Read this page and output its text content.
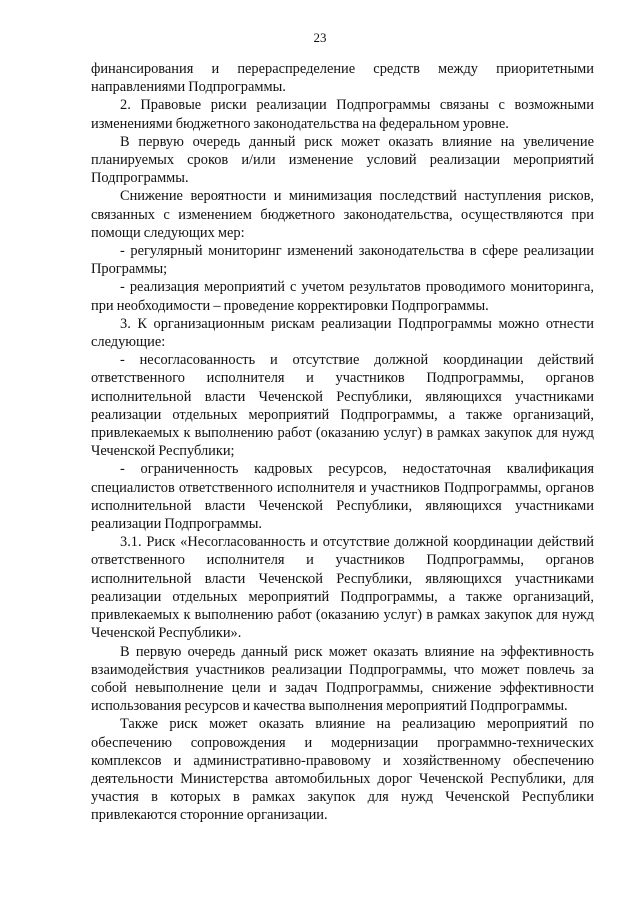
23

финансирования и перераспределение средств между приоритетными направлениями Подпрограммы.

2. Правовые риски реализации Подпрограммы связаны с возможными изменениями бюджетного законодательства на федеральном уровне.

В первую очередь данный риск может оказать влияние на увеличение планируемых сроков и/или изменение условий реализации мероприятий Подпрограммы.

Снижение вероятности и минимизация последствий наступления рисков, связанных с изменением бюджетного законодательства, осуществляются при помощи следующих мер:

- регулярный мониторинг изменений законодательства в сфере реализации Программы;

- реализация мероприятий с учетом результатов проводимого мониторинга, при необходимости – проведение корректировки Подпрограммы.

3. К организационным рискам реализации Подпрограммы можно отнести следующие:

- несогласованность и отсутствие должной координации действий ответственного исполнителя и участников Подпрограммы, органов исполнительной власти Чеченской Республики, являющихся участниками реализации отдельных мероприятий Подпрограммы, а также организаций, привлекаемых к выполнению работ (оказанию услуг) в рамках закупок для нужд Чеченской Республики;

- ограниченность кадровых ресурсов, недостаточная квалификация специалистов ответственного исполнителя и участников Подпрограммы, органов исполнительной власти Чеченской Республики, являющихся участниками реализации Подпрограммы.

3.1. Риск «Несогласованность и отсутствие должной координации действий ответственного исполнителя и участников Подпрограммы, органов исполнительной власти Чеченской Республики, являющихся участниками реализации отдельных мероприятий Подпрограммы, а также организаций, привлекаемых к выполнению работ (оказанию услуг) в рамках закупок для нужд Чеченской Республики».

В первую очередь данный риск может оказать влияние на эффективность взаимодействия участников реализации Подпрограммы, что может повлечь за собой невыполнение цели и задач Подпрограммы, снижение эффективности использования ресурсов и качества выполнения мероприятий Подпрограммы.

Также риск может оказать влияние на реализацию мероприятий по обеспечению сопровождения и модернизации программно-технических комплексов и административно-правовому и хозяйственному обеспечению деятельности Министерства автомобильных дорог Чеченской Республики, для участия в которых в рамках закупок для нужд Чеченской Республики привлекаются сторонние организации.
